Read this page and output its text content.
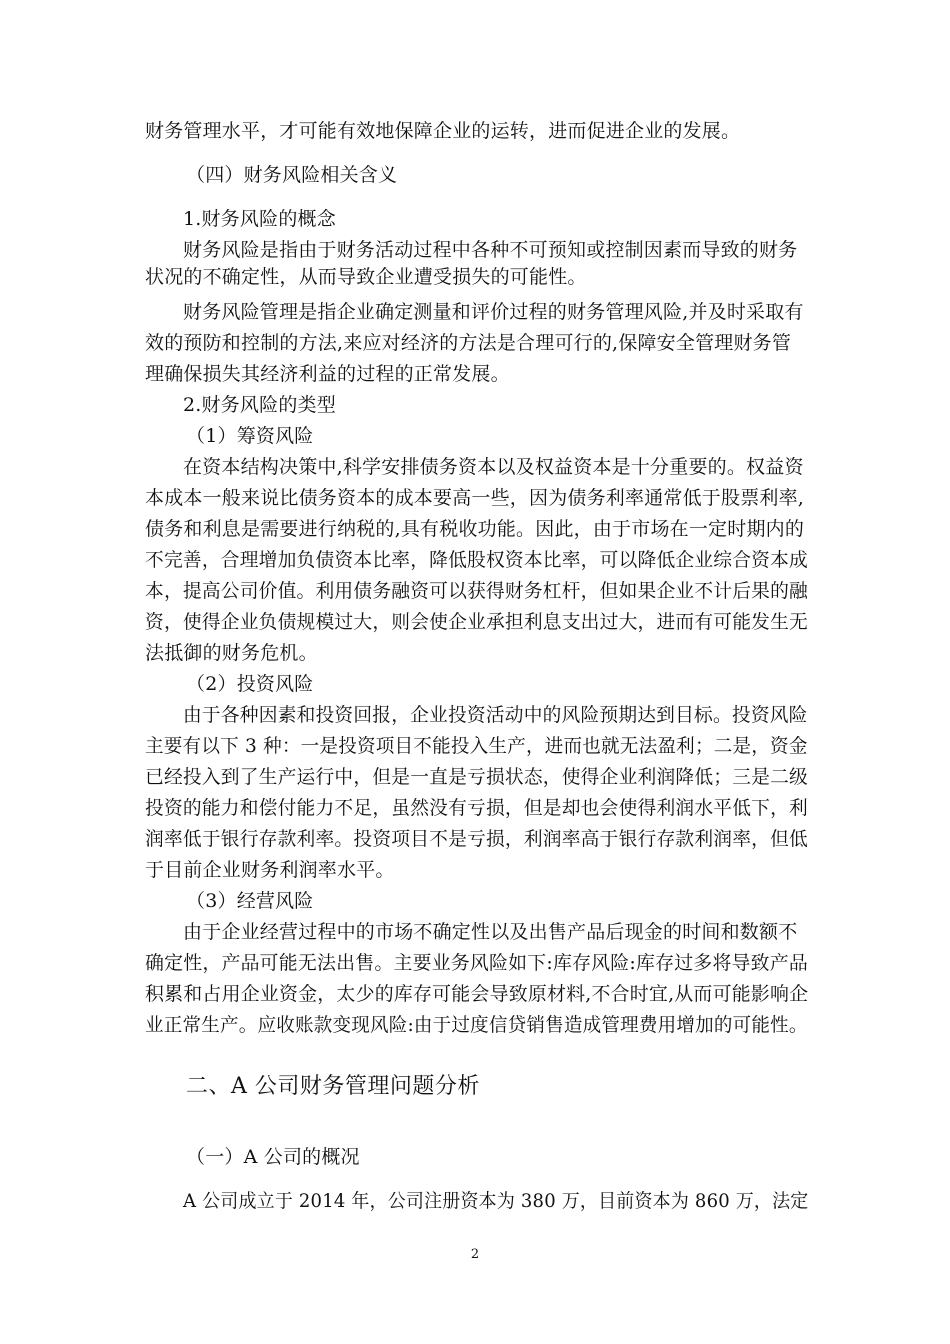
财务管理水平，才可能有效地保障企业的运转，进而促进企业的发展。
（四）财务风险相关含义
1.财务风险的概念
财务风险是指由于财务活动过程中各种不可预知或控制因素而导致的财务
状况的不确定性，从而导致企业遭受损失的可能性。
财务风险管理是指企业确定测量和评价过程的财务管理风险,并及时采取有
效的预防和控制的方法,来应对经济的方法是合理可行的,保障安全管理财务管
理确保损失其经济利益的过程的正常发展。
2.财务风险的类型
（1）筹资风险
在资本结构决策中,科学安排债务资本以及权益资本是十分重要的。权益资
本成本一般来说比债务资本的成本要高一些，因为债务利率通常低于股票利率,
债务和利息是需要进行纳税的,具有税收功能。因此，由于市场在一定时期内的
不完善，合理增加负债资本比率，降低股权资本比率，可以降低企业综合资本成
本，提高公司价值。利用债务融资可以获得财务杠杆，但如果企业不计后果的融
资，使得企业负债规模过大，则会使企业承担利息支出过大，进而有可能发生无
法抵御的财务危机。
（2）投资风险
由于各种因素和投资回报，企业投资活动中的风险预期达到目标。投资风险
主要有以下 3 种：一是投资项目不能投入生产，进而也就无法盈利；二是，资金
已经投入到了生产运行中，但是一直是亏损状态，使得企业利润降低；三是二级
投资的能力和偿付能力不足，虽然没有亏损，但是却也会使得利润水平低下，利
润率低于银行存款利率。投资项目不是亏损，利润率高于银行存款利润率，但低
于目前企业财务利润率水平。
（3）经营风险
由于企业经营过程中的市场不确定性以及出售产品后现金的时间和数额不
确定性，产品可能无法出售。主要业务风险如下:库存风险:库存过多将导致产品
积累和占用企业资金，太少的库存可能会导致原材料,不合时宜,从而可能影响企
业正常生产。应收账款变现风险:由于过度信贷销售造成管理费用增加的可能性。
二、A 公司财务管理问题分析
（一）A 公司的概况
A 公司成立于 2014 年，公司注册资本为 380 万，目前资本为 860 万，法定
2
